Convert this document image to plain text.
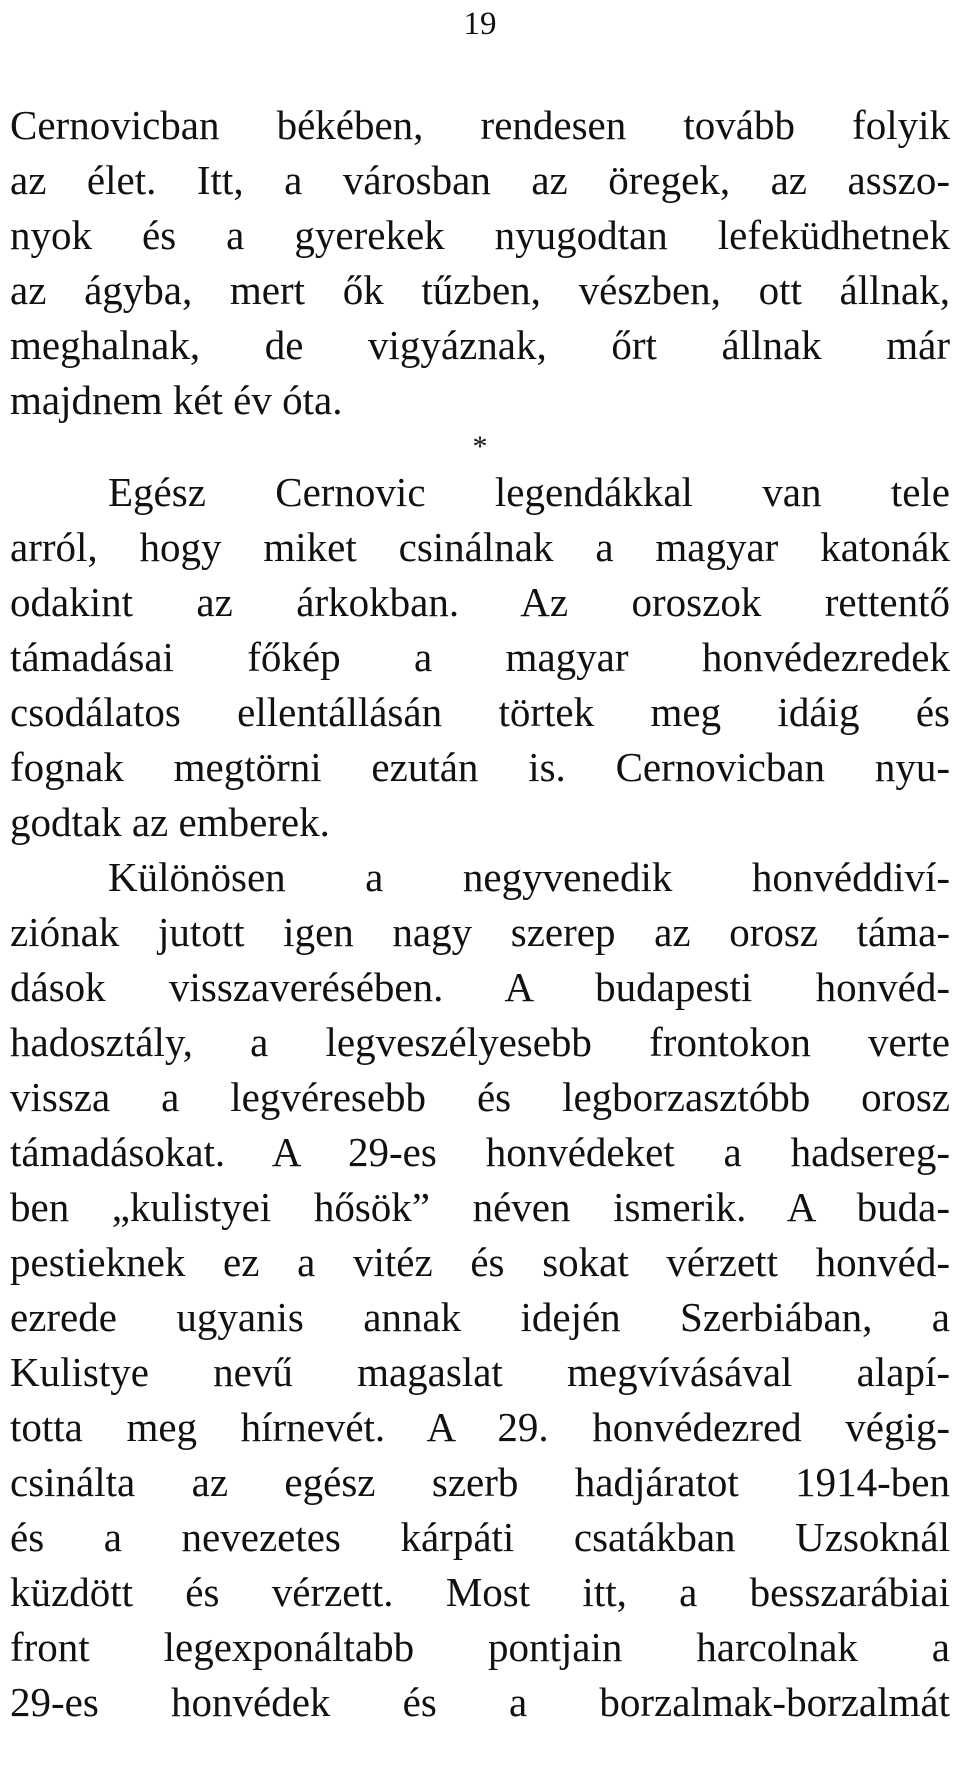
19
Cernovicban békében, rendesen tovább folyik
az élet. Itt, a városban az öregek, az asszo-
nyok és a gyerekek nyugodtan lefeküdhetnek
az ágyba, mert ők tűzben, vészben, ott állnak,
meghalnak, de vigyáznak, őrt állnak már
majdnem két év óta.
*
Egész Cernovic legendákkal van tele
arról, hogy miket csinálnak a magyar katonák
odakint az árkokban. Az oroszok rettentő
támadásai főkép a magyar honvédezredek
csodálatos ellentállásán törtek meg idáig és
fognak megtörni ezután is. Cernovicban nyu-
godtak az emberek.
Különösen a negyvenedik honvéddiví-
ziónak jutott igen nagy szerep az orosz táma-
dások visszaverésében. A budapesti honvéd-
hadosztály, a legveszélyesebb frontokon verte
vissza a legvéresebb és legborzasztóbb orosz
támadásokat. A 29-es honvédeket a hadsereg-
ben „kulistyei hősök” néven ismerik. A buda-
pestieknek ez a vitéz és sokat vérzett honvéd-
ezrede ugyanis annak idején Szerbiában, a
Kulistye nevű magaslat megvívásával alapí-
totta meg hírnevét. A 29. honvédezred végig-
csinálta az egész szerb hadjáratot 1914-ben
és a nevezetes kárpáti csatákban Uzsoknál
küzdött és vérzett. Most itt, a besszarábiai
front legexponáltabb pontjain harcolnak a
29-es honvédek és a borzalmak-borzalmát
